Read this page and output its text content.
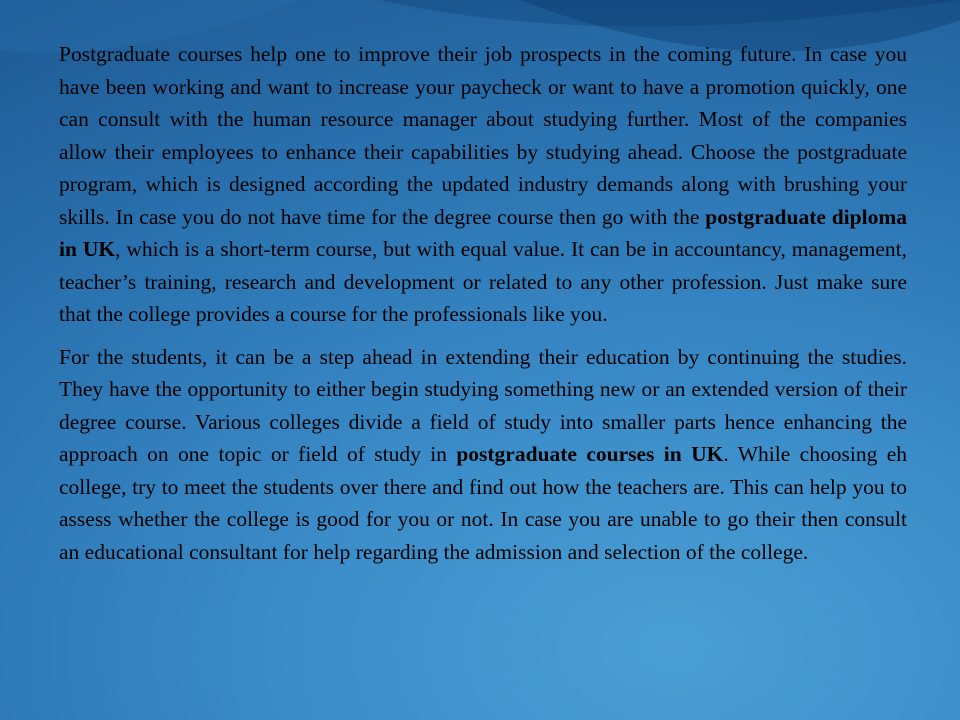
Postgraduate courses help one to improve their job prospects in the coming future. In case you have been working and want to increase your paycheck or want to have a promotion quickly, one can consult with the human resource manager about studying further. Most of the companies allow their employees to enhance their capabilities by studying ahead. Choose the postgraduate program, which is designed according the updated industry demands along with brushing your skills. In case you do not have time for the degree course then go with the postgraduate diploma in UK, which is a short-term course, but with equal value. It can be in accountancy, management, teacher’s training, research and development or related to any other profession. Just make sure that the college provides a course for the professionals like you.

For the students, it can be a step ahead in extending their education by continuing the studies. They have the opportunity to either begin studying something new or an extended version of their degree course. Various colleges divide a field of study into smaller parts hence enhancing the approach on one topic or field of study in postgraduate courses in UK. While choosing eh college, try to meet the students over there and find out how the teachers are. This can help you to assess whether the college is good for you or not. In case you are unable to go their then consult an educational consultant for help regarding the admission and selection of the college.
